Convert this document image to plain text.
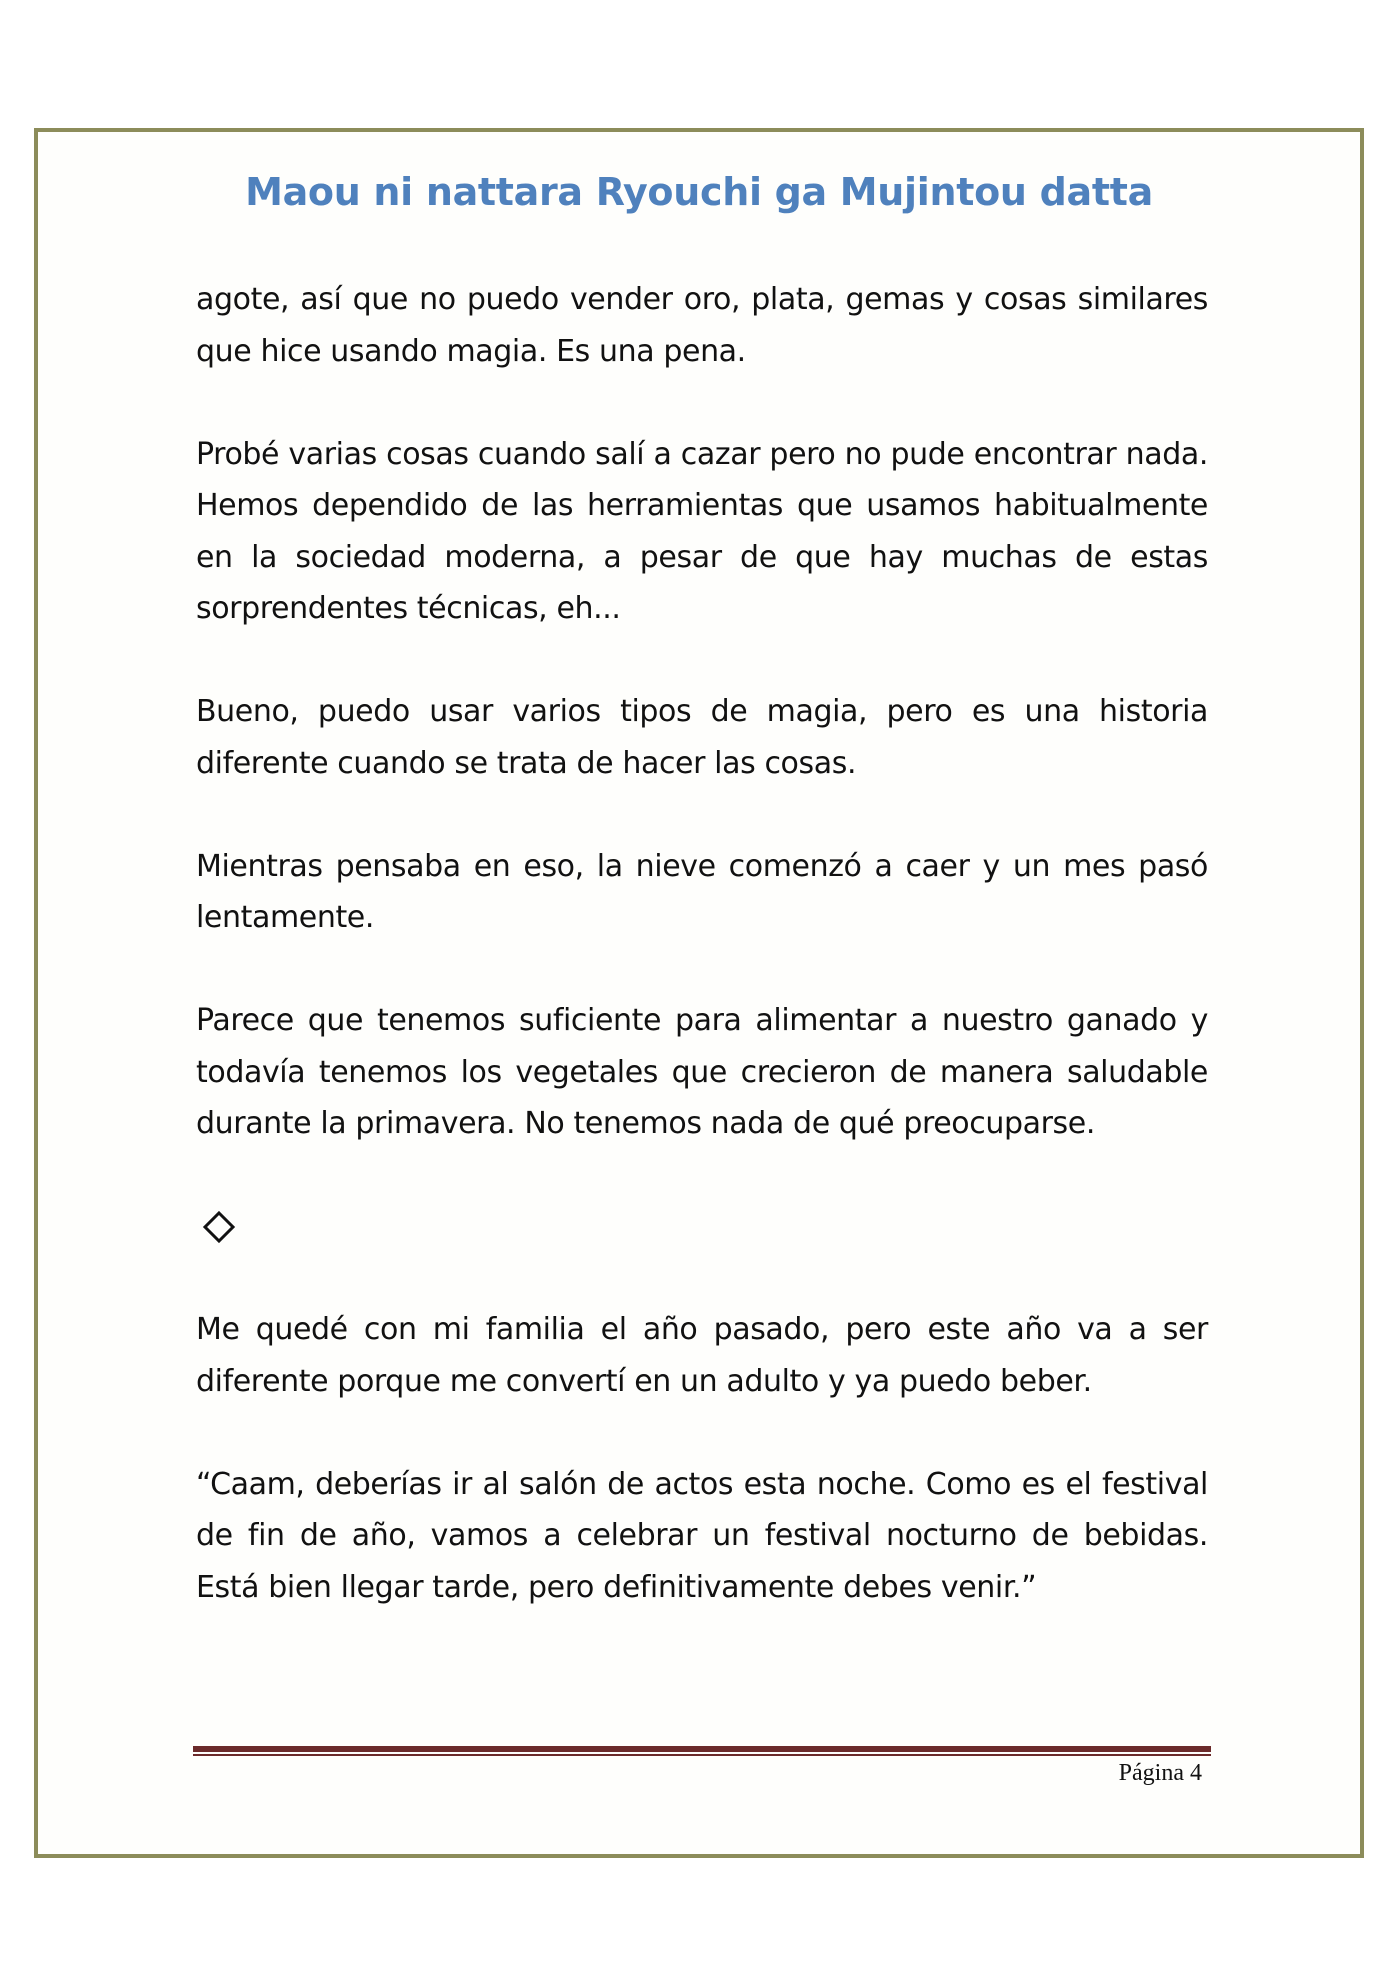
Maou ni nattara Ryouchi ga Mujintou datta

agote, así que no puedo vender oro, plata, gemas y cosas similares que hice usando magia. Es una pena.

Probé varias cosas cuando salí a cazar pero no pude encontrar nada. Hemos dependido de las herramientas que usamos habitualmente en la sociedad moderna, a pesar de que hay muchas de estas sorprendentes técnicas, eh...

Bueno, puedo usar varios tipos de magia, pero es una historia diferente cuando se trata de hacer las cosas.

Mientras pensaba en eso, la nieve comenzó a caer y un mes pasó lentamente.

Parece que tenemos suficiente para alimentar a nuestro ganado y todavía tenemos los vegetales que crecieron de manera saludable durante la primavera. No tenemos nada de qué preocuparse.

Me quedé con mi familia el año pasado, pero este año va a ser diferente porque me convertí en un adulto y ya puedo beber.

“Caam, deberías ir al salón de actos esta noche. Como es el festival de fin de año, vamos a celebrar un festival nocturno de bebidas. Está bien llegar tarde, pero definitivamente debes venir.”

Página 4
